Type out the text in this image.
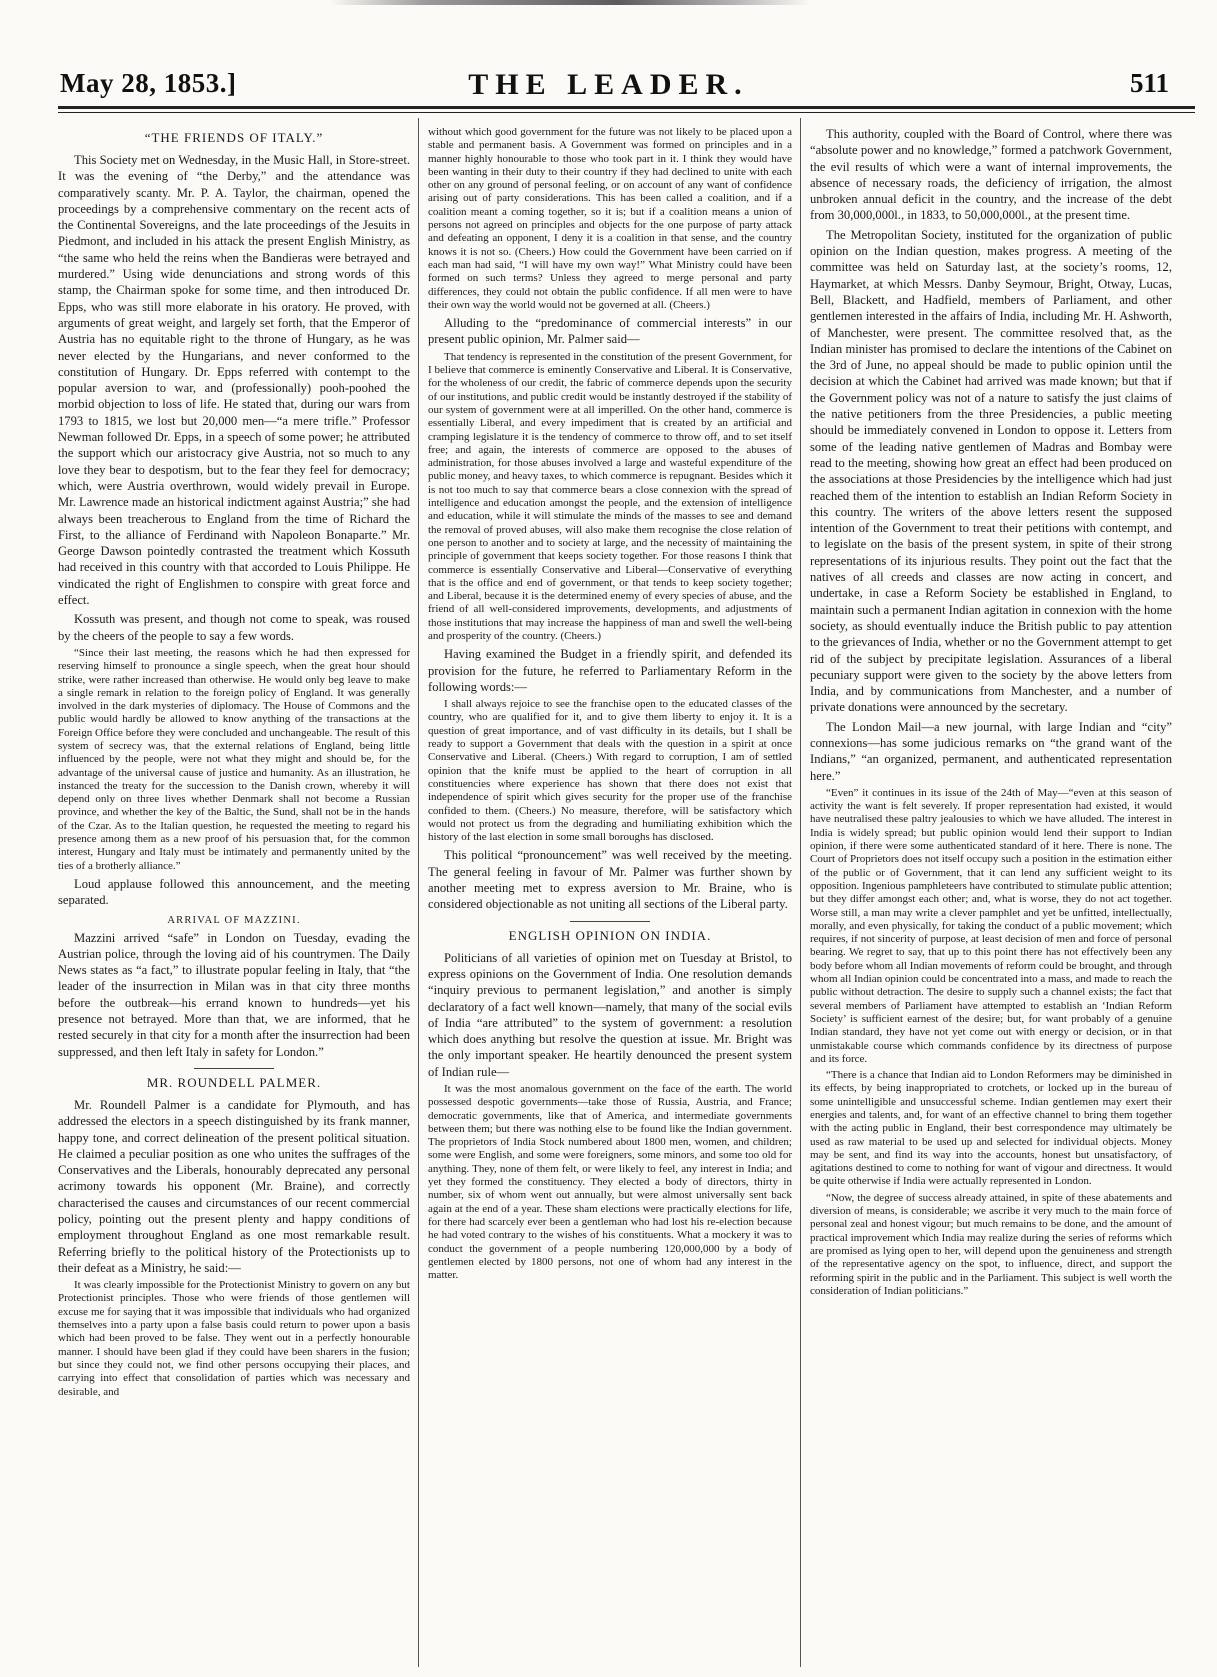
THE LEADER.
May 28, 1853.]	511
“THE FRIENDS OF ITALY.”

This Society met on Wednesday, in the Music Hall, in Store-street. It was the evening of “the Derby,” and the attendance was comparatively scanty. Mr. P. A. Taylor, the chairman, opened the proceedings by a comprehensive commentary on the recent acts of the Continental Sovereigns, and the late proceedings of the Jesuits in Piedmont, and included in his attack the present English Ministry, as “the same who held the reins when the Bandieras were betrayed and murdered.” Using wide denunciations and strong words of this stamp, the Chairman spoke for some time, and then introduced Dr. Epps, who was still more elaborate in his oratory. He proved, with arguments of great weight, and largely set forth, that the Emperor of Austria has no equitable right to the throne of Hungary, as he was never elected by the Hungarians, and never conformed to the constitution of Hungary. Dr. Epps referred with contempt to the popular aversion to war, and (professionally) pooh-poohed the morbid objection to loss of life. He stated that, during our wars from 1793 to 1815, we lost but 20,000 men—“a mere trifle.” Professor Newman followed Dr. Epps, in a speech of some power; he attributed the support which our aristocracy give Austria, not so much to any love they bear to despotism, but to the fear they feel for democracy; which, were Austria overthrown, would widely prevail in Europe. Mr. Lawrence made an historical indictment against Austria;” she had always been treacherous to England from the time of Richard the First, to the alliance of Ferdinand with Napoleon Bonaparte.” Mr. George Dawson pointedly contrasted the treatment which Kossuth had received in this country with that accorded to Louis Philippe. He vindicated the right of Englishmen to conspire with great force and effect.

Kossuth was present, and though not come to speak, was roused by the cheers of the people to say a few words.

“Since their last meeting, the reasons which he had then expressed for reserving himself to pronounce a single speech, when the great hour should strike, were rather increased than otherwise. He would only beg leave to make a single remark in relation to the foreign policy of England. It was generally involved in the dark mysteries of diplomacy. The House of Commons and the public would hardly be allowed to know anything of the transactions at the Foreign Office before they were concluded and unchangeable. The result of this system of secrecy was, that the external relations of England, being little influenced by the people, were not what they might and should be, for the advantage of the universal cause of justice and humanity. As an illustration, he instanced the treaty for the succession to the Danish crown, whereby it will depend only on three lives whether Denmark shall not become a Russian province, and whether the key of the Baltic, the Sund, shall not be in the hands of the Czar. As to the Italian question, he requested the meeting to regard his presence among them as a new proof of his persuasion that, for the common interest, Hungary and Italy must be intimately and permanently united by the ties of a brotherly alliance.”

Loud applause followed this announcement, and the meeting separated.

ARRIVAL OF MAZZINI.

Mazzini arrived “safe” in London on Tuesday, evading the Austrian police, through the loving aid of his countrymen. The Daily News states as “a fact,” to illustrate popular feeling in Italy, that “the leader of the insurrection in Milan was in that city three months before the outbreak—his errand known to hundreds—yet his presence not betrayed. More than that, we are informed, that he rested securely in that city for a month after the insurrection had been suppressed, and then left Italy in safety for London.”

MR. ROUNDELL PALMER.

Mr. Roundell Palmer is a candidate for Plymouth, and has addressed the electors in a speech distinguished by its frank manner, happy tone, and correct delineation of the present political situation. He claimed a peculiar position as one who unites the suffrages of the Conservatives and the Liberals, honourably deprecated any personal acrimony towards his opponent (Mr. Braine), and correctly characterised the causes and circumstances of our recent commercial policy, pointing out the present plenty and happy conditions of employment throughout England as one most remarkable result. Referring briefly to the political history of the Protectionists up to their defeat as a Ministry, he said:—

It was clearly impossible for the Protectionist Ministry to govern on any but Protectionist principles. Those who were friends of those gentlemen will excuse me for saying that it was impossible that individuals who had organized themselves into a party upon a false basis could return to power upon a basis which had been proved to be false. They went out in a perfectly honourable manner. I should have been glad if they could have been sharers in the fusion; but since they could not, we find other persons occupying their places, and carrying into effect that consolidation of parties which was necessary and desirable, and

without which good government for the future was not likely to be placed upon a stable and permanent basis. A Government was formed on principles and in a manner highly honourable to those who took part in it. I think they would have been wanting in their duty to their country if they had declined to unite with each other on any ground of personal feeling, or on account of any want of confidence arising out of party considerations. This has been called a coalition, and if a coalition meant a coming together, so it is; but if a coalition means a union of persons not agreed on principles and objects for the one purpose of party attack and defeating an opponent, I deny it is a coalition in that sense, and the country knows it is not so. (Cheers.) How could the Government have been carried on if each man had said, “I will have my own way!” What Ministry could have been formed on such terms? Unless they agreed to merge personal and party differences, they could not obtain the public confidence. If all men were to have their own way the world would not be governed at all. (Cheers.)

Alluding to the “predominance of commercial interests” in our present public opinion, Mr. Palmer said—

That tendency is represented in the constitution of the present Government, for I believe that commerce is eminently Conservative and Liberal. It is Conservative, for the wholeness of our credit, the fabric of commerce depends upon the security of our institutions, and public credit would be instantly destroyed if the stability of our system of government were at all imperilled. On the other hand, commerce is essentially Liberal, and every impediment that is created by an artificial and cramping legislature it is the tendency of commerce to throw off, and to set itself free; and again, the interests of commerce are opposed to the abuses of administration, for those abuses involved a large and wasteful expenditure of the public money, and heavy taxes, to which commerce is repugnant. Besides which it is not too much to say that commerce bears a close connexion with the spread of intelligence and education amongst the people, and the extension of intelligence and education, while it will stimulate the minds of the masses to see and demand the removal of proved abuses, will also make them recognise the close relation of one person to another and to society at large, and the necessity of maintaining the principle of government that keeps society together. For those reasons I think that commerce is essentially Conservative and Liberal—Conservative of everything that is the office and end of government, or that tends to keep society together; and Liberal, because it is the determined enemy of every species of abuse, and the friend of all well-considered improvements, developments, and adjustments of those institutions that may increase the happiness of man and swell the well-being and prosperity of the country. (Cheers.)

Having examined the Budget in a friendly spirit, and defended its provision for the future, he referred to Parliamentary Reform in the following words:—

I shall always rejoice to see the franchise open to the educated classes of the country, who are qualified for it, and to give them liberty to enjoy it. It is a question of great importance, and of vast difficulty in its details, but I shall be ready to support a Government that deals with the question in a spirit at once Conservative and Liberal. (Cheers.) With regard to corruption, I am of settled opinion that the knife must be applied to the heart of corruption in all constituencies where experience has shown that there does not exist that independence of spirit which gives security for the proper use of the franchise confided to them. (Cheers.) No measure, therefore, will be satisfactory which would not protect us from the degrading and humiliating exhibition which the history of the last election in some small boroughs has disclosed.

This political “pronouncement” was well received by the meeting. The general feeling in favour of Mr. Palmer was further shown by another meeting met to express aversion to Mr. Braine, who is considered objectionable as not uniting all sections of the Liberal party.

ENGLISH OPINION ON INDIA.

Politicians of all varieties of opinion met on Tuesday at Bristol, to express opinions on the Government of India. One resolution demands “inquiry previous to permanent legislation,” and another is simply declaratory of a fact well known—namely, that many of the social evils of India “are attributed” to the system of government: a resolution which does anything but resolve the question at issue. Mr. Bright was the only important speaker. He heartily denounced the present system of Indian rule—

It was the most anomalous government on the face of the earth. The world possessed despotic governments—take those of Russia, Austria, and France; democratic governments, like that of America, and intermediate governments between them; but there was nothing else to be found like the Indian government. The proprietors of India Stock numbered about 1800 men, women, and children; some were English, and some were foreigners, some minors, and some too old for anything. They, none of them felt, or were likely to feel, any interest in India; and yet they formed the constituency. They elected a body of directors, thirty in number, six of whom went out annually, but were almost universally sent back again at the end of a year. These sham elections were practically elections for life, for there had scarcely ever been a gentleman who had lost his re-election because he had voted contrary to the wishes of his constituents. What a mockery it was to conduct the government of a people numbering 120,000,000 by a body of gentlemen elected by 1800 persons, not one of whom had any interest in the matter.

This authority, coupled with the Board of Control, where there was “absolute power and no knowledge,” formed a patchwork Government, the evil results of which were a want of internal improvements, the absence of necessary roads, the deficiency of irrigation, the almost unbroken annual deficit in the country, and the increase of the debt from 30,000,000l., in 1833, to 50,000,000l., at the present time.

The Metropolitan Society, instituted for the organization of public opinion on the Indian question, makes progress. A meeting of the committee was held on Saturday last, at the society’s rooms, 12, Haymarket, at which Messrs. Danby Seymour, Bright, Otway, Lucas, Bell, Blackett, and Hadfield, members of Parliament, and other gentlemen interested in the affairs of India, including Mr. H. Ashworth, of Manchester, were present. The committee resolved that, as the Indian minister has promised to declare the intentions of the Cabinet on the 3rd of June, no appeal should be made to public opinion until the decision at which the Cabinet had arrived was made known; but that if the Government policy was not of a nature to satisfy the just claims of the native petitioners from the three Presidencies, a public meeting should be immediately convened in London to oppose it. Letters from some of the leading native gentlemen of Madras and Bombay were read to the meeting, showing how great an effect had been produced on the associations at those Presidencies by the intelligence which had just reached them of the intention to establish an Indian Reform Society in this country. The writers of the above letters resent the supposed intention of the Government to treat their petitions with contempt, and to legislate on the basis of the present system, in spite of their strong representations of its injurious results. They point out the fact that the natives of all creeds and classes are now acting in concert, and undertake, in case a Reform Society be established in England, to maintain such a permanent Indian agitation in connexion with the home society, as should eventually induce the British public to pay attention to the grievances of India, whether or no the Government attempt to get rid of the subject by precipitate legislation. Assurances of a liberal pecuniary support were given to the society by the above letters from India, and by communications from Manchester, and a number of private donations were announced by the secretary.

The London Mail—a new journal, with large Indian and “city” connexions—has some judicious remarks on “the grand want of the Indians,” “an organized, permanent, and authenticated representation here.”

“Even” it continues in its issue of the 24th of May—“even at this season of activity the want is felt severely. If proper representation had existed, it would have neutralised these paltry jealousies to which we have alluded. The interest in India is widely spread; but public opinion would lend their support to Indian opinion, if there were some authenticated standard of it here. There is none. The Court of Proprietors does not itself occupy such a position in the estimation either of the public or of Government, that it can lend any sufficient weight to its opposition. Ingenious pamphleteers have contributed to stimulate public attention; but they differ amongst each other; and, what is worse, they do not act together. Worse still, a man may write a clever pamphlet and yet be unfitted, intellectually, morally, and even physically, for taking the conduct of a public movement; which requires, if not sincerity of purpose, at least decision of men and force of personal bearing. We regret to say, that up to this point there has not effectively been any body before whom all Indian movements of reform could be brought, and through whom all Indian opinion could be concentrated into a mass, and made to reach the public without detraction. The desire to supply such a channel exists; the fact that several members of Parliament have attempted to establish an ‘Indian Reform Society’ is sufficient earnest of the desire; but, for want probably of a genuine Indian standard, they have not yet come out with energy or decision, or in that unmistakable course which commands confidence by its directness of purpose and its force.

“There is a chance that Indian aid to London Reformers may be diminished in its effects, by being inappropriated to crotchets, or locked up in the bureau of some unintelligible and unsuccessful scheme. Indian gentlemen may exert their energies and talents, and, for want of an effective channel to bring them together with the acting public in England, their best correspondence may ultimately be used as raw material to be used up and selected for individual objects. Money may be sent, and find its way into the accounts, honest but unsatisfactory, of agitations destined to come to nothing for want of vigour and directness. It would be quite otherwise if India were actually represented in London.

“Now, the degree of success already attained, in spite of these abatements and diversion of means, is considerable; we ascribe it very much to the main force of personal zeal and honest vigour; but much remains to be done, and the amount of practical improvement which India may realize during the series of reforms which are promised as lying open to her, will depend upon the genuineness and strength of the representative agency on the spot, to influence, direct, and support the reforming spirit in the public and in the Parliament. This subject is well worth the consideration of Indian politicians.”
